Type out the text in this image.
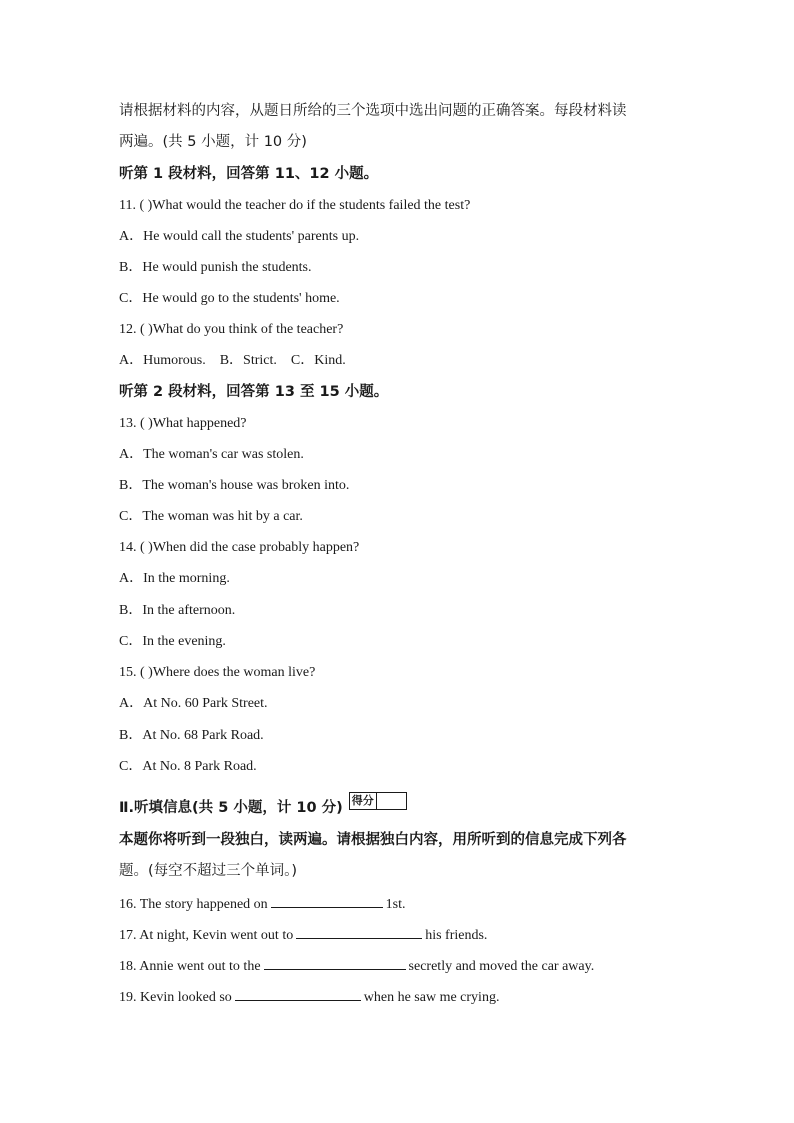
请根据材料的内容，从题日所给的三个选项中选出问题的正确答案。每段材料读
两遍。(共 5 小题，计 10 分)
听第 1 段材料，回答第 11、12 小题。
11. ( )What would the teacher do if the students failed the test?
A．He would call the students' parents up.
B．He would punish the students.
C．He would go to the students' home.
12. ( )What do you think of the teacher?
A．Humorous.    B．Strict.    C．Kind.
听第 2 段材料，回答第 13 至 15 小题。
13. ( )What happened?
A．The woman's car was stolen.
B．The woman's house was broken into.
C．The woman was hit by a car.
14. ( )When did the case probably happen?
A．In the morning.
B．In the afternoon.
C．In the evening.
15. ( )Where does the woman live?
A．At No. 60 Park Street.
B．At No. 68 Park Road.
C．At No. 8 Park Road.
Ⅱ.听填信息(共 5 小题，计 10 分) 得分
本题你将听到一段独白，读两遍。请根据独白内容，用所听到的信息完成下列各
题。(每空不超过三个单词。)
16. The story happened on	1st.
17. At night, Kevin went out to	his friends.
18. Annie went out to the	secretly and moved the car away.
19. Kevin looked so	when he saw me crying.
